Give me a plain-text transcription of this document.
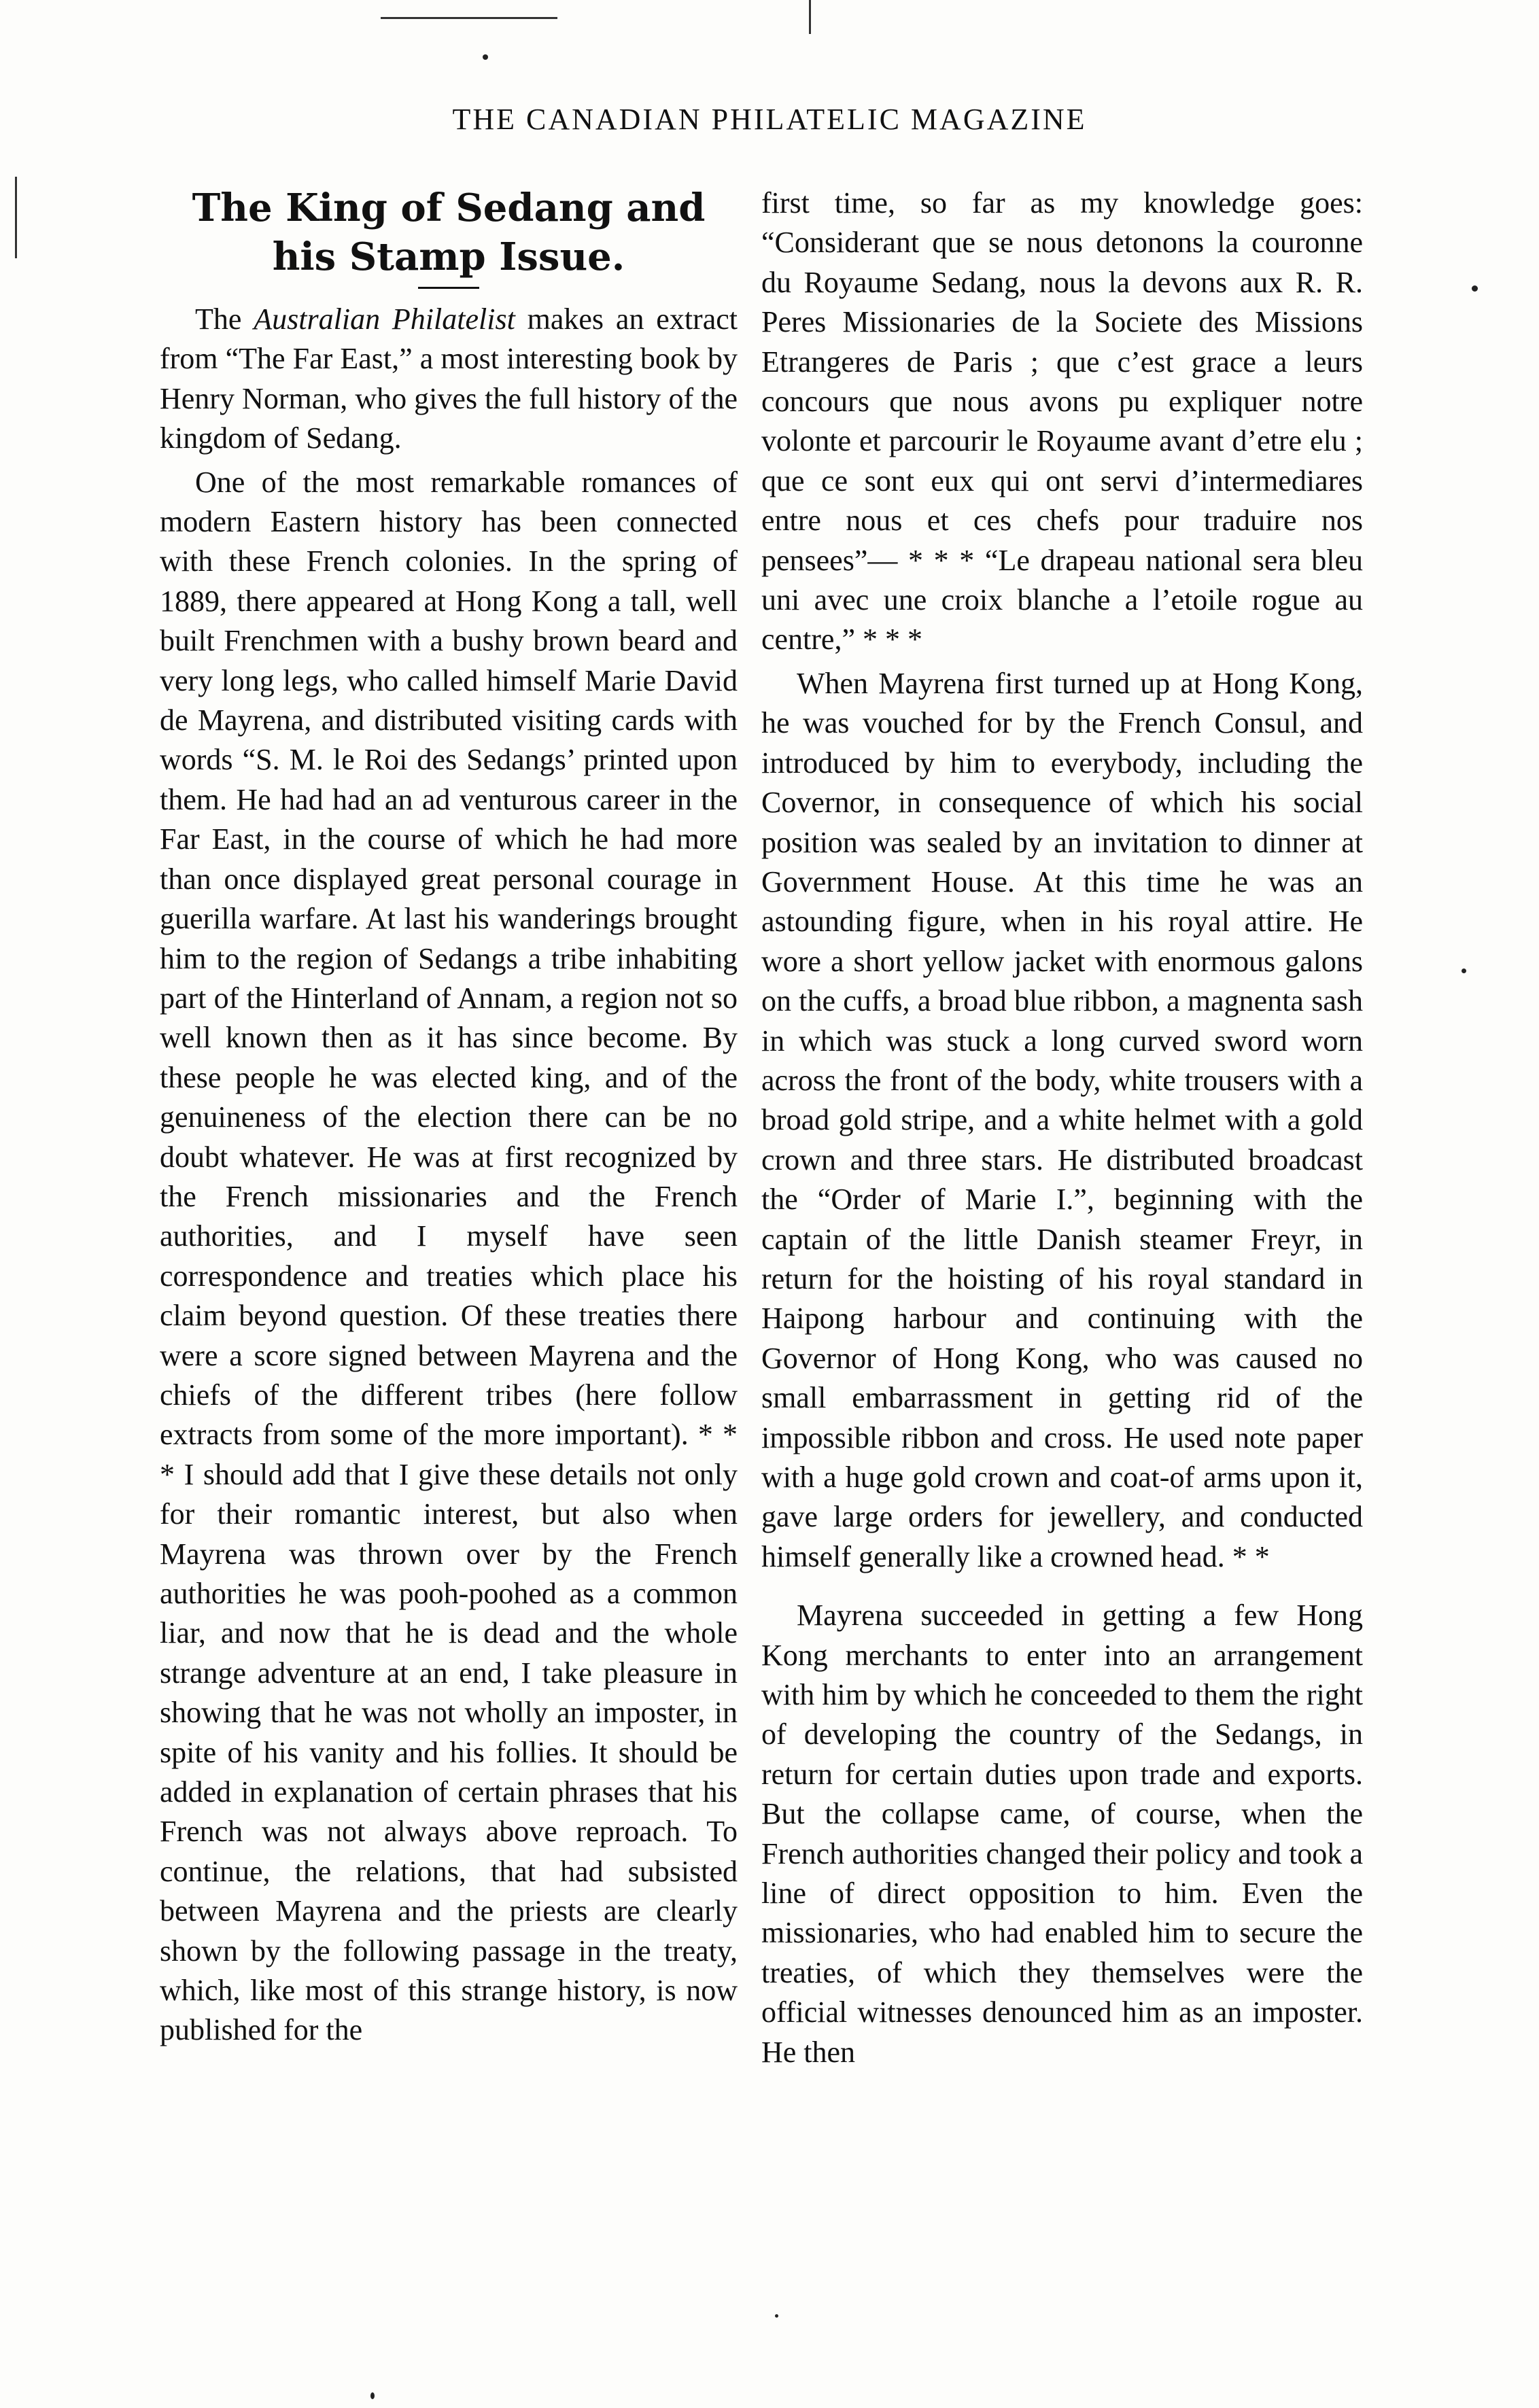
THE CANADIAN PHILATELIC MAGAZINE
The King of Sedang and
his Stamp Issue.

The Australian Philatelist makes an extract from “The Far East,” a most interesting book by Henry Norman, who gives the full history of the kingdom of Sedang.

One of the most remarkable romances of modern Eastern history has been connected with these French colonies. In the spring of 1889, there appeared at Hong Kong a tall, well built Frenchmen with a bushy brown beard and very long legs, who called himself Marie David de Mayrena, and distributed visiting cards with words “S. M. le Roi des Sedangs’ printed upon them. He had had an ad venturous career in the Far East, in the course of which he had more than once displayed great personal courage in guerilla warfare. At last his wanderings brought him to the region of Sedangs a tribe inhabiting part of the Hinterland of Annam, a region not so well known then as it has since become. By these people he was elected king, and of the genuineness of the election there can be no doubt whatever. He was at first recognized by the French missionaries and the French authorities, and I myself have seen correspondence and treaties which place his claim beyond question. Of these treaties there were a score signed between Mayrena and the chiefs of the different tribes (here follow extracts from some of the more important). * * * I should add that I give these details not only for their romantic interest, but also when Mayrena was thrown over by the French authorities he was pooh-poohed as a common liar, and now that he is dead and the whole strange adventure at an end, I take pleasure in showing that he was not wholly an imposter, in spite of his vanity and his follies. It should be added in explanation of certain phrases that his French was not always above reproach. To continue, the relations, that had subsisted between Mayrena and the priests are clearly shown by the following passage in the treaty, which, like most of this strange history, is now published for the

first time, so far as my knowledge goes: “Considerant que se nous detonons la couronne du Royaume Sedang, nous la devons aux R. R. Peres Missionaries de la Societe des Missions Etrangeres de Paris ; que c’est grace a leurs concours que nous avons pu expliquer notre volonte et parcourir le Royaume avant d’etre elu ; que ce sont eux qui ont servi d’intermediares entre nous et ces chefs pour traduire nos pensees”— * * * “Le drapeau national sera bleu uni avec une croix blanche a l’etoile rogue au centre,” * * *

When Mayrena first turned up at Hong Kong, he was vouched for by the French Consul, and introduced by him to everybody, including the Covernor, in consequence of which his social position was sealed by an invitation to dinner at Government House. At this time he was an astounding figure, when in his royal attire. He wore a short yellow jacket with enormous galons on the cuffs, a broad blue ribbon, a magnenta sash in which was stuck a long curved sword worn across the front of the body, white trousers with a broad gold stripe, and a white helmet with a gold crown and three stars. He distributed broadcast the “Order of Marie I.”, beginning with the captain of the little Danish steamer Freyr, in return for the hoisting of his royal standard in Haipong harbour and continuing with the Governor of Hong Kong, who was caused no small embarrassment in getting rid of the impossible ribbon and cross. He used note paper with a huge gold crown and coat-of arms upon it, gave large orders for jewellery, and conducted himself generally like a crowned head. * *

Mayrena succeeded in getting a few Hong Kong merchants to enter into an arrangement with him by which he conceeded to them the right of developing the country of the Sedangs, in return for certain duties upon trade and exports. But the collapse came, of course, when the French authorities changed their policy and took a line of direct opposition to him. Even the missionaries, who had enabled him to secure the treaties, of which they themselves were the official witnesses denounced him as an imposter. He then
